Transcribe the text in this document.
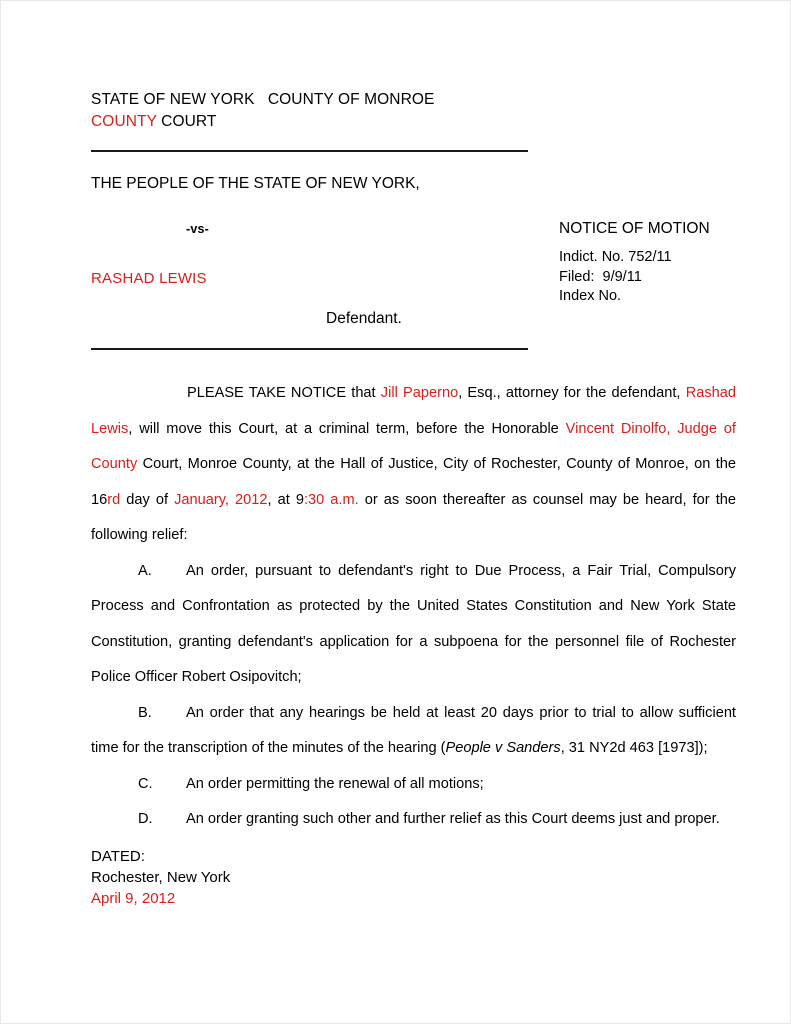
STATE OF NEW YORK   COUNTY OF MONROE
COUNTY COURT
THE PEOPLE OF THE STATE OF NEW YORK,
-vs-	NOTICE OF MOTION
RASHAD LEWIS
Indict. No. 752/11
Filed:  9/9/11
Index No.
Defendant.

PLEASE TAKE NOTICE that Jill Paperno, Esq., attorney for the defendant, Rashad Lewis, will move this Court, at a criminal term, before the Honorable Vincent Dinolfo, Judge of County Court, Monroe County, at the Hall of Justice, City of Rochester, County of Monroe, on the 16rd day of January, 2012, at 9:30 a.m. or as soon thereafter as counsel may be heard, for the following relief:

A.	An order, pursuant to defendant's right to Due Process, a Fair Trial, Compulsory Process and Confrontation as protected by the United States Constitution and New York State Constitution, granting defendant's application for a subpoena for the personnel file of Rochester Police Officer Robert Osipovitch;

B.	An order that any hearings be held at least 20 days prior to trial to allow sufficient time for the transcription of the minutes of the hearing (People v Sanders, 31 NY2d 463 [1973]);

C.	An order permitting the renewal of all motions;

D.	An order granting such other and further relief as this Court deems just and proper.

DATED:
Rochester, New York
April 9, 2012
